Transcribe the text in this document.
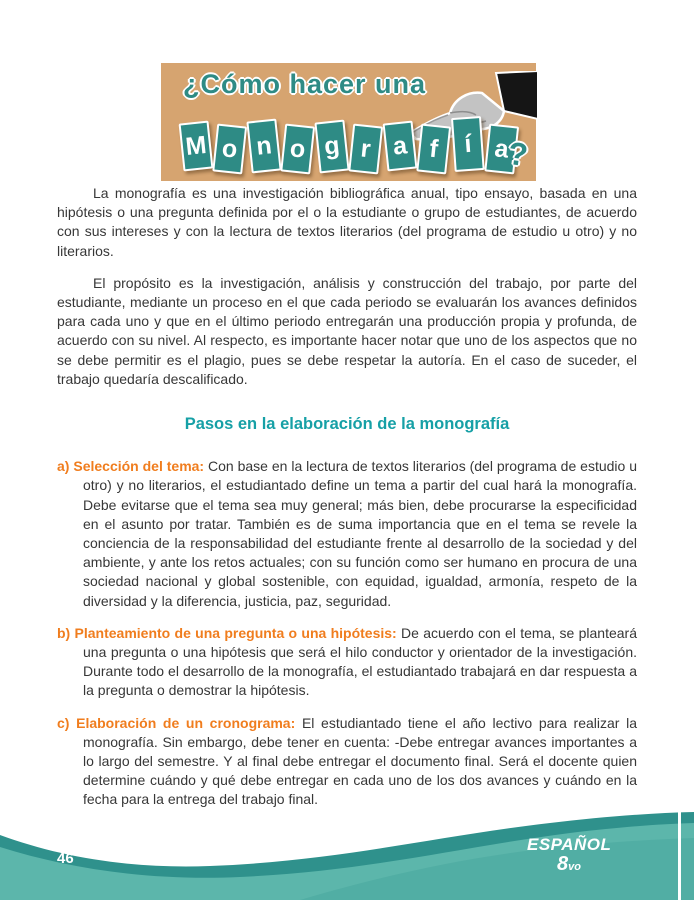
¿Cómo hacer una
M o n o g r a f í a
?

La monografía es una investigación bibliográfica anual, tipo ensayo, basada en una hipótesis o una pregunta definida por el o la estudiante o grupo de estudiantes, de acuerdo con sus intereses y con la lectura de textos literarios (del programa de estudio u otro) y no literarios.

El propósito es la investigación, análisis y construcción del trabajo, por parte del estudiante, mediante un proceso en el que cada periodo se evaluarán los avances definidos para cada uno y que en el último periodo entregarán una producción propia y profunda, de acuerdo con su nivel. Al respecto, es importante hacer notar que uno de los aspectos que no se debe permitir es el plagio, pues se debe respetar la autoría. En el caso de suceder, el trabajo quedaría descalificado.

Pasos en la elaboración de la monografía
a) Selección del tema: Con base en la lectura de textos literarios (del programa de estudio u otro) y no literarios, el estudiantado define un tema a partir del cual hará la monografía. Debe evitarse que el tema sea muy general; más bien, debe procurarse la especificidad en el asunto por tratar. También es de suma importancia que en el tema se revele la conciencia de la responsabilidad del estudiante frente al desarrollo de la sociedad y del ambiente, y ante los retos actuales; con su función como ser humano en procura de una sociedad nacional y global sostenible, con equidad, igualdad, armonía, respeto de la diversidad y la diferencia, justicia, paz, seguridad.
b) Planteamiento de una pregunta o una hipótesis: De acuerdo con el tema, se planteará una pregunta o una hipótesis que será el hilo conductor y orientador de la investigación. Durante todo el desarrollo de la monografía, el estudiantado trabajará en dar respuesta a la pregunta o demostrar la hipótesis.
c) Elaboración de un cronograma: El estudiantado tiene el año lectivo para realizar la monografía. Sin embargo, debe tener en cuenta: -Debe entregar avances importantes a lo largo del semestre. Y al final debe entregar el documento final. Será el docente quien determine cuándo y qué debe entregar en cada uno de los dos avances y cuándo en la fecha para la entrega del trabajo final.
46
ESPAÑOL
8vo
